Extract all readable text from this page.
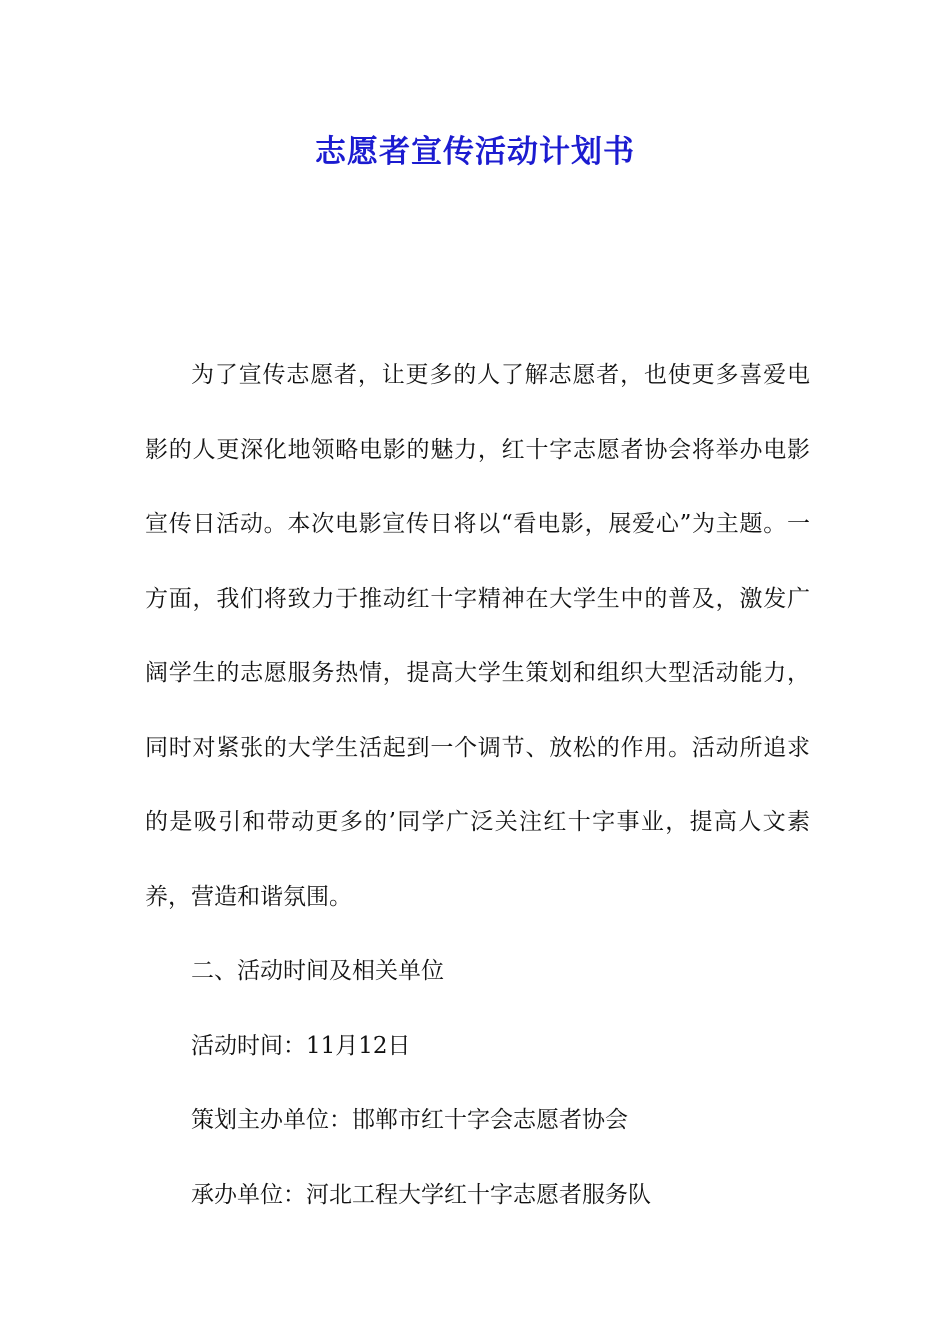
志愿者宣传活动计划书

为了宣传志愿者，让更多的人了解志愿者，也使更多喜爱电影的人更深化地领略电影的魅力，红十字志愿者协会将举办电影宣传日活动。本次电影宣传日将以“看电影，展爱心”为主题。一方面，我们将致力于推动红十字精神在大学生中的普及，激发广阔学生的志愿服务热情，提高大学生策划和组织大型活动能力，同时对紧张的大学生活起到一个调节、放松的作用。活动所追求的是吸引和带动更多的’同学广泛关注红十字事业，提高人文素养，营造和谐氛围。

二、活动时间及相关单位

活动时间：11月12日

策划主办单位：邯郸市红十字会志愿者协会

承办单位：河北工程大学红十字志愿者服务队
